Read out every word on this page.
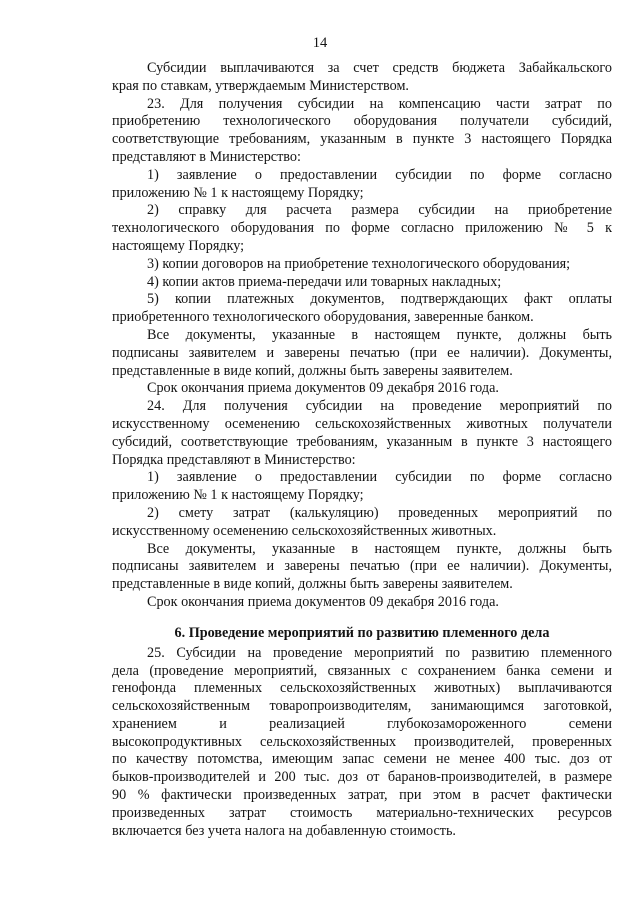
14
Субсидии выплачиваются за счет средств бюджета Забайкальского
края по ставкам, утверждаемым Министерством.
23. Для получения субсидии на компенсацию части затрат по
приобретению технологического оборудования получатели субсидий,
соответствующие требованиям, указанным в пункте 3 настоящего Порядка
представляют в Министерство:
1) заявление о предоставлении субсидии по форме согласно
приложению № 1 к настоящему Порядку;
2) справку для расчета размера субсидии на приобретение
технологического оборудования по форме согласно приложению № 5 к
настоящему Порядку;
3) копии договоров на приобретение технологического оборудования;
4) копии актов приема-передачи или товарных накладных;
5) копии платежных документов, подтверждающих факт оплаты
приобретенного технологического оборудования, заверенные банком.
Все документы, указанные в настоящем пункте, должны быть
подписаны заявителем и заверены печатью (при ее наличии). Документы,
представленные в виде копий, должны быть заверены заявителем.
Срок окончания приема документов 09 декабря 2016 года.
24. Для получения субсидии на проведение мероприятий по
искусственному осеменению сельскохозяйственных животных получатели
субсидий, соответствующие требованиям, указанным в пункте 3 настоящего
Порядка представляют в Министерство:
1) заявление о предоставлении субсидии по форме согласно
приложению № 1 к настоящему Порядку;
2) смету затрат (калькуляцию) проведенных мероприятий по
искусственному осеменению сельскохозяйственных животных.
Все документы, указанные в настоящем пункте, должны быть
подписаны заявителем и заверены печатью (при ее наличии). Документы,
представленные в виде копий, должны быть заверены заявителем.
Срок окончания приема документов 09 декабря 2016 года.
6. Проведение мероприятий по развитию племенного дела
25. Субсидии на проведение мероприятий по развитию племенного
дела (проведение мероприятий, связанных с сохранением банка семени и
генофонда племенных сельскохозяйственных животных) выплачиваются
сельскохозяйственным товаропроизводителям, занимающимся заготовкой,
хранением и реализацией глубокозамороженного семени
высокопродуктивных сельскохозяйственных производителей, проверенных
по качеству потомства, имеющим запас семени не менее 400 тыс. доз от
быков-производителей и 200 тыс. доз от баранов-производителей, в размере
90 % фактически произведенных затрат, при этом в расчет фактически
произведенных затрат стоимость материально-технических ресурсов
включается без учета налога на добавленную стоимость.
